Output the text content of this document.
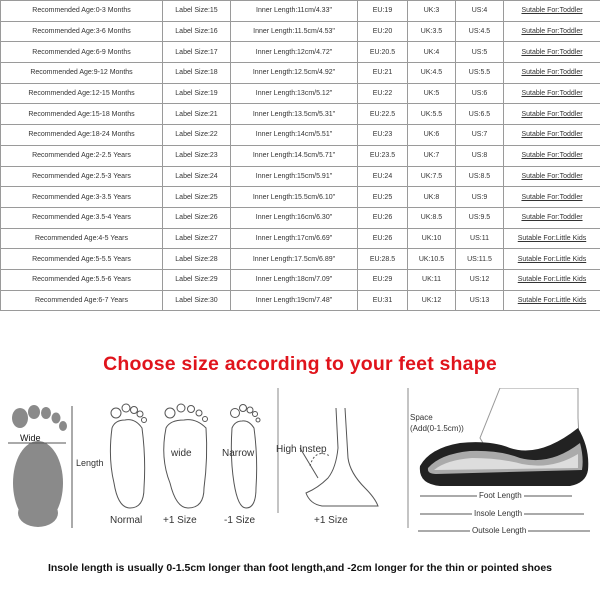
Recommended Age:0-3 Months	Label Size:15	Inner Length:11cm/4.33"	EU:19	UK:3	US:4	Sutable For:Toddler
Recommended Age:3-6 Months	Label Size:16	Inner Length:11.5cm/4.53"	EU:20	UK:3.5	US:4.5	Sutable For:Toddler
Recommended Age:6-9 Months	Label Size:17	Inner Length:12cm/4.72"	EU:20.5	UK:4	US:5	Sutable For:Toddler
Recommended Age:9-12 Months	Label Size:18	Inner Length:12.5cm/4.92"	EU:21	UK:4.5	US:5.5	Sutable For:Toddler
Recommended Age:12-15 Months	Label Size:19	Inner Length:13cm/5.12"	EU:22	UK:5	US:6	Sutable For:Toddler
Recommended Age:15-18 Months	Label Size:21	Inner Length:13.5cm/5.31"	EU:22.5	UK:5.5	US:6.5	Sutable For:Toddler
Recommended Age:18-24 Months	Label Size:22	Inner Length:14cm/5.51"	EU:23	UK:6	US:7	Sutable For:Toddler
Recommended Age:2-2.5 Years	Label Size:23	Inner Length:14.5cm/5.71"	EU:23.5	UK:7	US:8	Sutable For:Toddler
Recommended Age:2.5-3 Years	Label Size:24	Inner Length:15cm/5.91"	EU:24	UK:7.5	US:8.5	Sutable For:Toddler
Recommended Age:3-3.5 Years	Label Size:25	Inner Length:15.5cm/6.10"	EU:25	UK:8	US:9	Sutable For:Toddler
Recommended Age:3.5-4 Years	Label Size:26	Inner Length:16cm/6.30"	EU:26	UK:8.5	US:9.5	Sutable For:Toddler
Recommended Age:4-5 Years	Label Size:27	Inner Length:17cm/6.69"	EU:26	UK:10	US:11	Sutable For:Little Kids
Recommended Age:5-5.5 Years	Label Size:28	Inner Length:17.5cm/6.89"	EU:28.5	UK:10.5	US:11.5	Sutable For:Little Kids
Recommended Age:5.5-6 Years	Label Size:29	Inner Length:18cm/7.09"	EU:29	UK:11	US:12	Sutable For:Little Kids
Recommended Age:6-7 Years	Label Size:30	Inner Length:19cm/7.48"	EU:31	UK:12	US:13	Sutable For:Little Kids
Choose size according to your feet shape
Wide
Length
wide	Narrow
Normal +1 Size	-1 Size
High Instep
+1 Size
Space
(Add(0-1.5cm))
Foot Length
Insole Length
Outsole Length
Insole length is usually 0-1.5cm longer than foot length,and -2cm longer for the thin or pointed shoes
